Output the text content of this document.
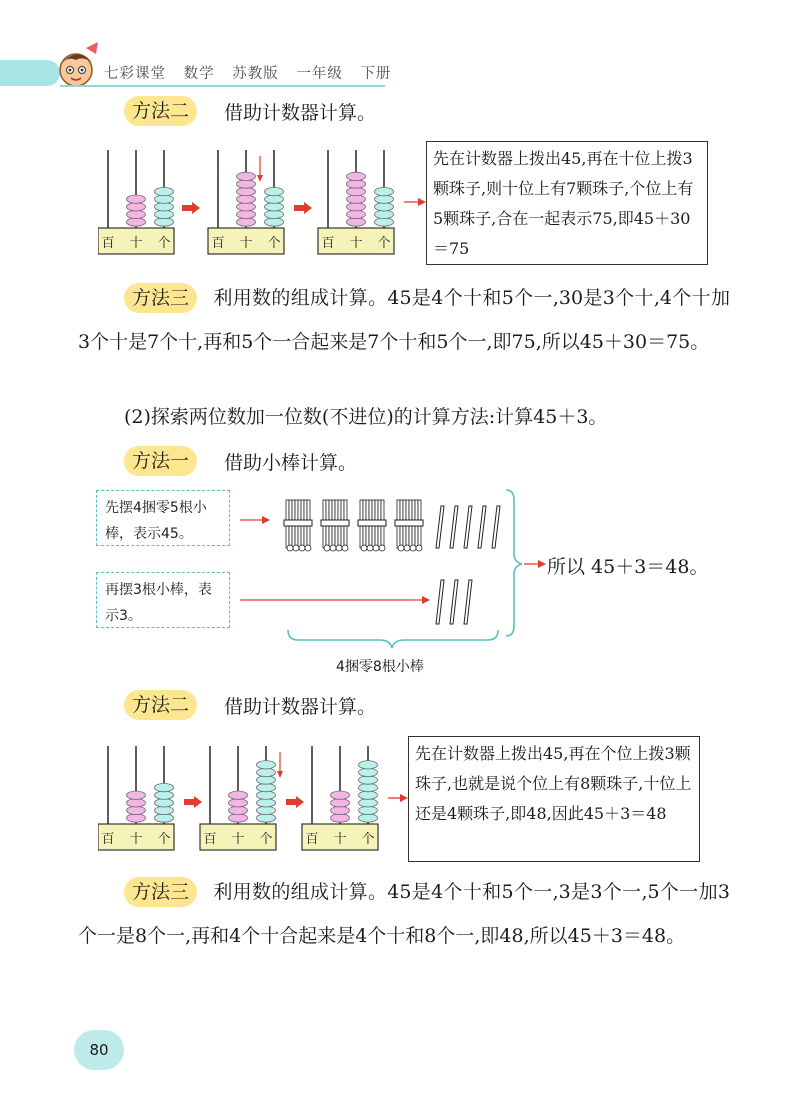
七彩课堂 数学 苏教版 一年级 下册
方法二	借助计数器计算。
百 十 个	百 十 个	百 十 个
先在计数器上拨出45,再在十位上拨3颗珠子,则十位上有7颗珠子,个位上有5颗珠子,合在一起表示75,即45＋30＝75
方法三 利用数的组成计算。45是4个十和5个一,30是3个十,4个十加3个十是7个十,再和5个一合起来是7个十和5个一,即75,所以45＋30＝75。
(2)探索两位数加一位数(不进位)的计算方法:计算45＋3。
方法一	借助小棒计算。
先摆4捆零5根小棒，表示45。
再摆3根小棒，表示3。
所以 45＋3＝48。
4捆零8根小棒
方法二	借助计数器计算。
百 十 个	百 十 个	百 十 个
先在计数器上拨出45,再在个位上拨3颗珠子,也就是说个位上有8颗珠子,十位上还是4颗珠子,即48,因此45＋3＝48
方法三 利用数的组成计算。45是4个十和5个一,3是3个一,5个一加3个一是8个一,再和4个十合起来是4个十和8个一,即48,所以45＋3＝48。
80
